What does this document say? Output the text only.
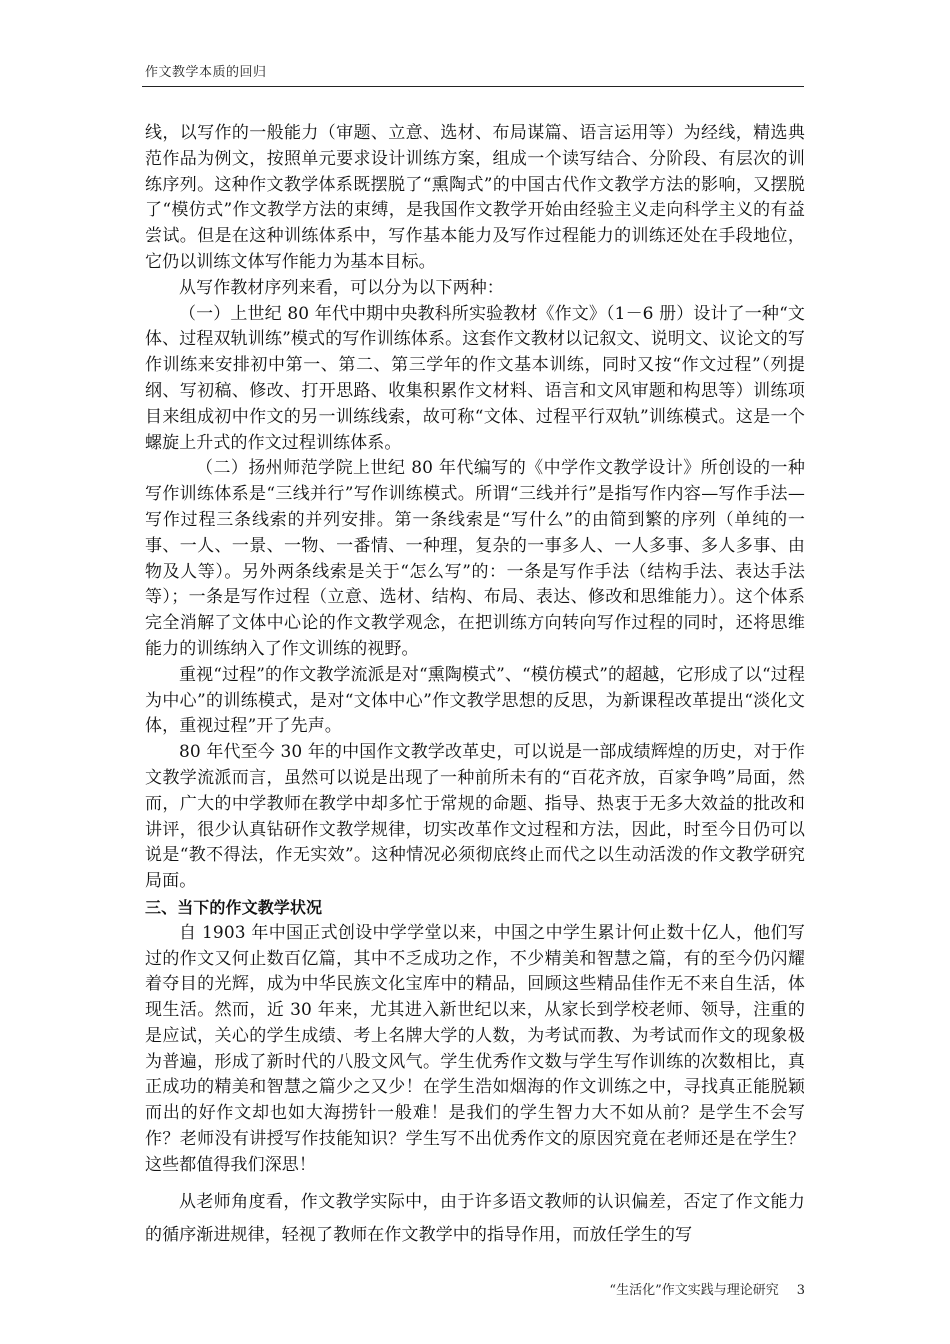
作文教学本质的回归

线，以写作的一般能力（审题、立意、选材、布局谋篇、语言运用等）为经线，精选典范作品为例文，按照单元要求设计训练方案，组成一个读写结合、分阶段、有层次的训练序列。这种作文教学体系既摆脱了“熏陶式”的中国古代作文教学方法的影响，又摆脱了“模仿式”作文教学方法的束缚，是我国作文教学开始由经验主义走向科学主义的有益尝试。但是在这种训练体系中，写作基本能力及写作过程能力的训练还处在手段地位，它仍以训练文体写作能力为基本目标。

从写作教材序列来看，可以分为以下两种：

（一）上世纪 80 年代中期中央教科所实验教材《作文》（1－6 册）设计了一种“文体、过程双轨训练”模式的写作训练体系。这套作文教材以记叙文、说明文、议论文的写作训练来安排初中第一、第二、第三学年的作文基本训练，同时又按“作文过程”（列提纲、写初稿、修改、打开思路、收集积累作文材料、语言和文风审题和构思等）训练项目来组成初中作文的另一训练线索，故可称“文体、过程平行双轨”训练模式。这是一个螺旋上升式的作文过程训练体系。

（二）扬州师范学院上世纪 80 年代编写的《中学作文教学设计》所创设的一种写作训练体系是“三线并行”写作训练模式。所谓“三线并行”是指写作内容—写作手法—写作过程三条线索的并列安排。第一条线索是“写什么”的由简到繁的序列（单纯的一事、一人、一景、一物、一番情、一种理，复杂的一事多人、一人多事、多人多事、由物及人等）。另外两条线索是关于“怎么写”的：一条是写作手法（结构手法、表达手法等）；一条是写作过程（立意、选材、结构、布局、表达、修改和思维能力）。这个体系完全消解了文体中心论的作文教学观念，在把训练方向转向写作过程的同时，还将思维能力的训练纳入了作文训练的视野。

重视“过程”的作文教学流派是对“熏陶模式”、“模仿模式”的超越，它形成了以“过程为中心”的训练模式，是对“文体中心”作文教学思想的反思，为新课程改革提出“淡化文体，重视过程”开了先声。

80 年代至今 30 年的中国作文教学改革史，可以说是一部成绩辉煌的历史，对于作文教学流派而言，虽然可以说是出现了一种前所未有的“百花齐放，百家争鸣”局面，然而，广大的中学教师在教学中却多忙于常规的命题、指导、热衷于无多大效益的批改和讲评，很少认真钻研作文教学规律，切实改革作文过程和方法，因此，时至今日仍可以说是“教不得法，作无实效”。这种情况必须彻底终止而代之以生动活泼的作文教学研究局面。

三、当下的作文教学状况

自 1903 年中国正式创设中学学堂以来，中国之中学生累计何止数十亿人，他们写过的作文又何止数百亿篇，其中不乏成功之作，不少精美和智慧之篇，有的至今仍闪耀着夺目的光辉，成为中华民族文化宝库中的精品，回顾这些精品佳作无不来自生活，体现生活。然而，近 30 年来，尤其进入新世纪以来，从家长到学校老师、领导，注重的是应试，关心的学生成绩、考上名牌大学的人数，为考试而教、为考试而作文的现象极为普遍，形成了新时代的八股文风气。学生优秀作文数与学生写作训练的次数相比，真正成功的精美和智慧之篇少之又少！在学生浩如烟海的作文训练之中，寻找真正能脱颖而出的好作文却也如大海捞针一般难！是我们的学生智力大不如从前？是学生不会写作？老师没有讲授写作技能知识？学生写不出优秀作文的原因究竟在老师还是在学生？这些都值得我们深思！

从老师角度看，作文教学实际中，由于许多语文教师的认识偏差，否定了作文能力的循序渐进规律，轻视了教师在作文教学中的指导作用，而放任学生的写

“生活化”作文实践与理论研究 3
